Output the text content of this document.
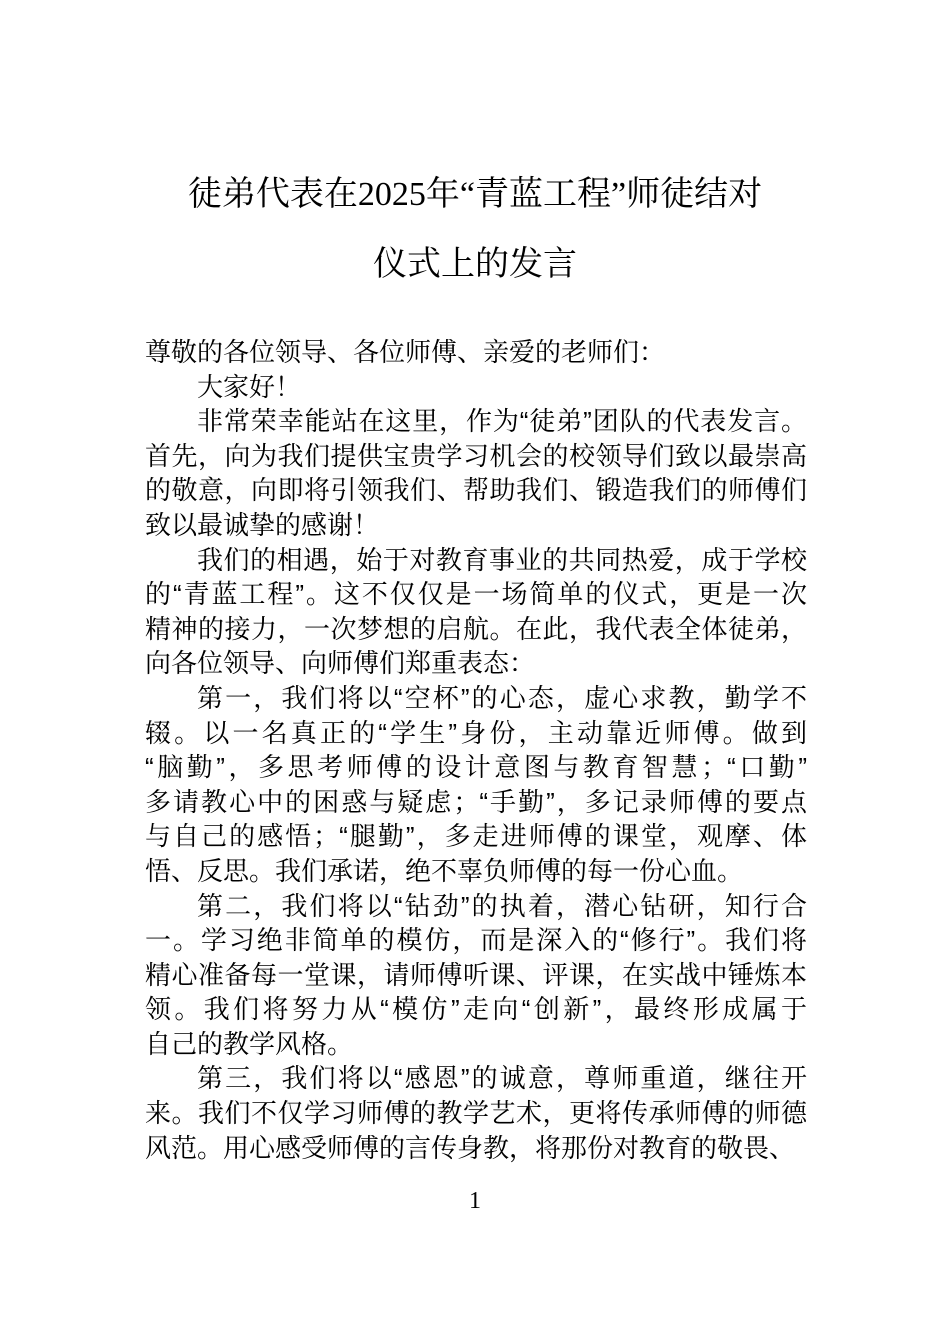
徒弟代表在2025年“青蓝工程”师徒结对
仪式上的发言
尊敬的各位领导、各位师傅、亲爱的老师们：
大家好！
非常荣幸能站在这里，作为“徒弟”团队的代表发言。
首先，向为我们提供宝贵学习机会的校领导们致以最崇高
的敬意，向即将引领我们、帮助我们、锻造我们的师傅们
致以最诚挚的感谢！
我们的相遇，始于对教育事业的共同热爱，成于学校
的“青蓝工程”。这不仅仅是一场简单的仪式，更是一次
精神的接力，一次梦想的启航。在此，我代表全体徒弟，
向各位领导、向师傅们郑重表态：
第一，我们将以“空杯”的心态，虚心求教，勤学不
辍。以一名真正的“学生”身份，主动靠近师傅。做到
“脑勤”，多思考师傅的设计意图与教育智慧；“口勤”
多请教心中的困惑与疑虑；“手勤”，多记录师傅的要点
与自己的感悟；“腿勤”，多走进师傅的课堂，观摩、体
悟、反思。我们承诺，绝不辜负师傅的每一份心血。
第二，我们将以“钻劲”的执着，潜心钻研，知行合
一。学习绝非简单的模仿，而是深入的“修行”。我们将
精心准备每一堂课，请师傅听课、评课，在实战中锤炼本
领。我们将努力从“模仿”走向“创新”，最终形成属于
自己的教学风格。
第三，我们将以“感恩”的诚意，尊师重道，继往开
来。我们不仅学习师傅的教学艺术，更将传承师傅的师德
风范。用心感受师傅的言传身教，将那份对教育的敬畏、
1
